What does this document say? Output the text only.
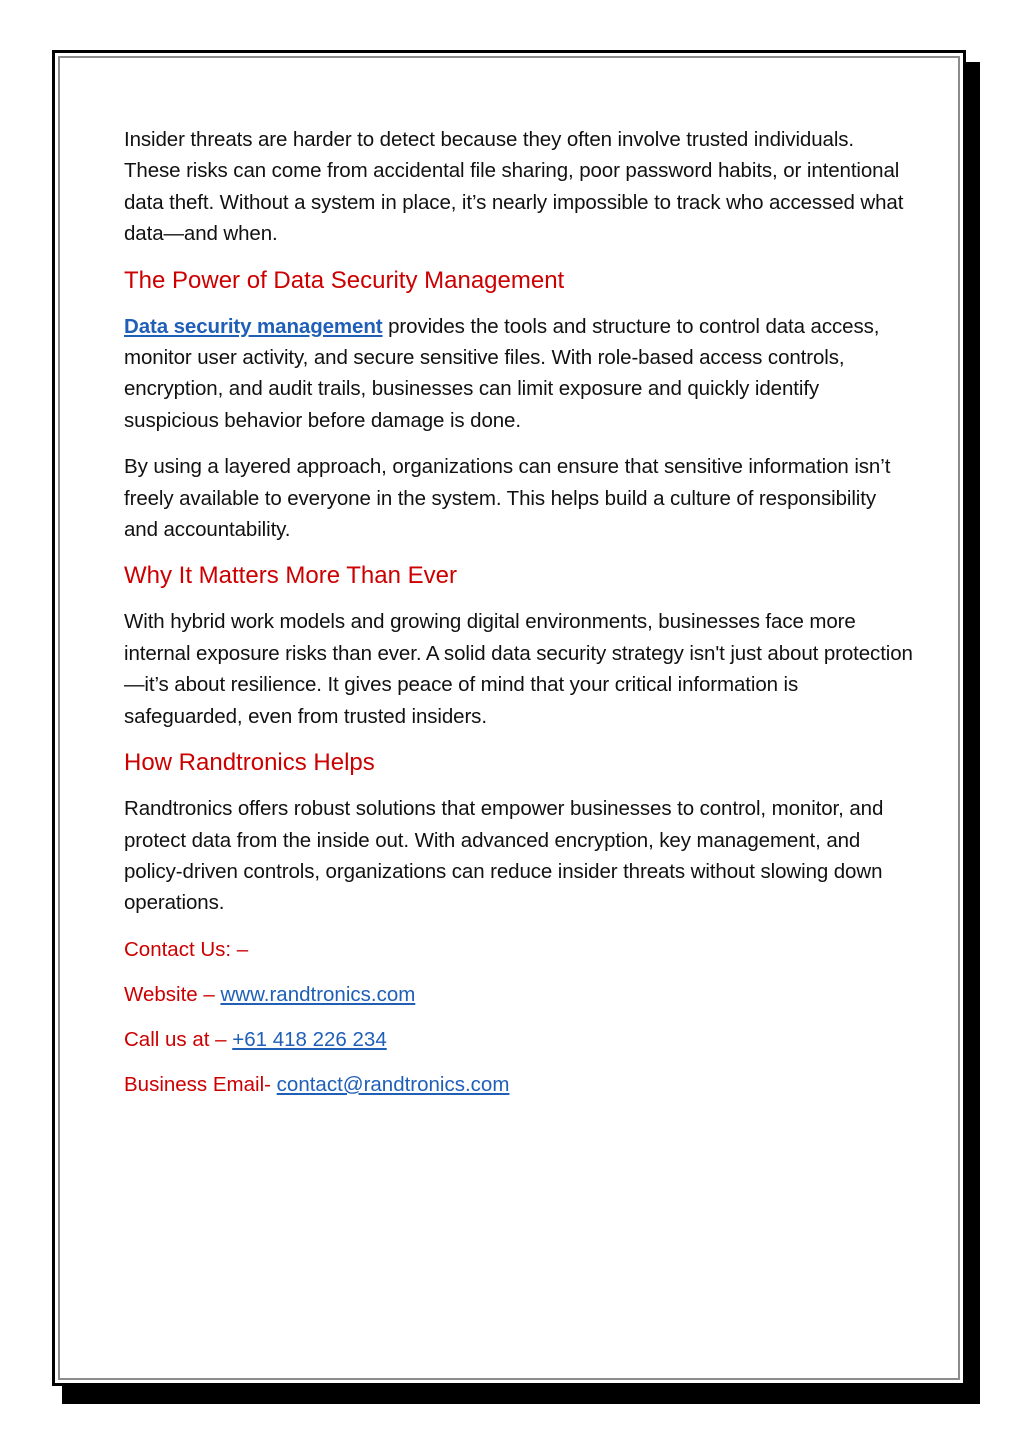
Insider threats are harder to detect because they often involve trusted individuals. These risks can come from accidental file sharing, poor password habits, or intentional data theft. Without a system in place, it’s nearly impossible to track who accessed what data—and when.

The Power of Data Security Management

Data security management provides the tools and structure to control data access, monitor user activity, and secure sensitive files. With role-based access controls, encryption, and audit trails, businesses can limit exposure and quickly identify suspicious behavior before damage is done.

By using a layered approach, organizations can ensure that sensitive information isn’t freely available to everyone in the system. This helps build a culture of responsibility and accountability.

Why It Matters More Than Ever

With hybrid work models and growing digital environments, businesses face more internal exposure risks than ever. A solid data security strategy isn't just about protection—it’s about resilience. It gives peace of mind that your critical information is safeguarded, even from trusted insiders.

How Randtronics Helps

Randtronics offers robust solutions that empower businesses to control, monitor, and protect data from the inside out. With advanced encryption, key management, and policy-driven controls, organizations can reduce insider threats without slowing down operations.

Contact Us: –
Website – www.randtronics.com
Call us at – +61 418 226 234
Business Email- contact@randtronics.com
